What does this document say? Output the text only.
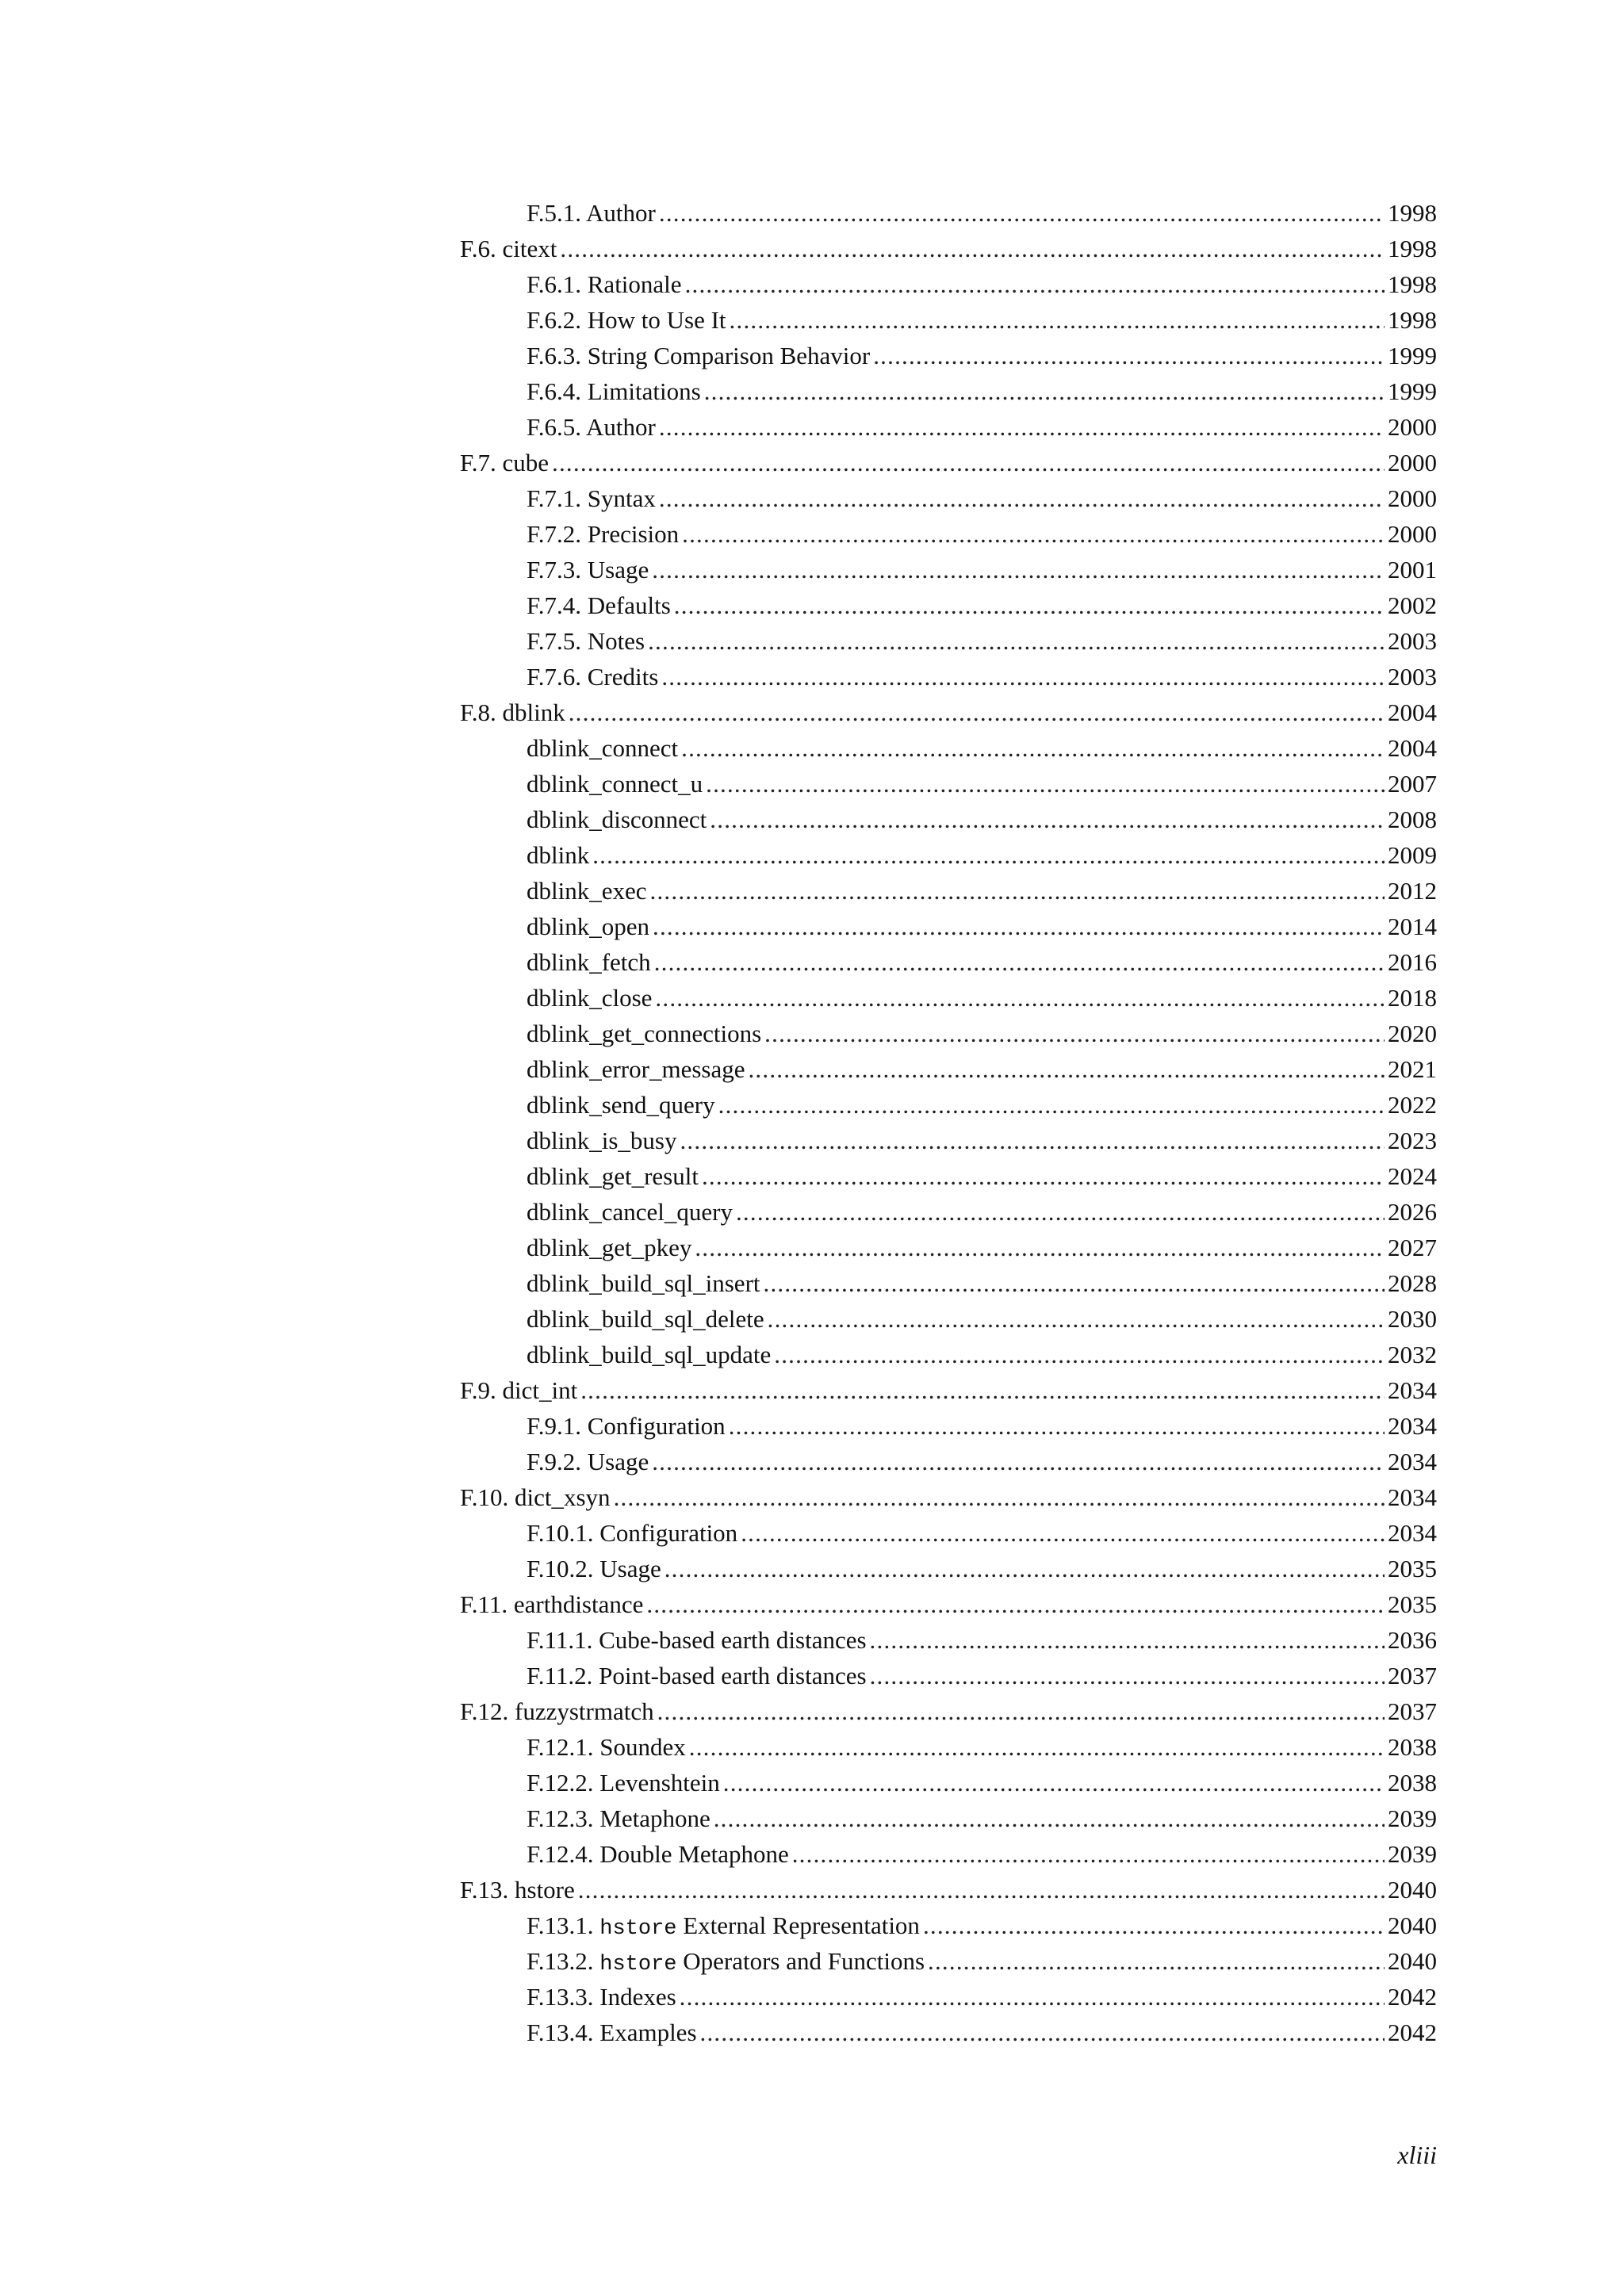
F.5.1. Author .....	1998
F.6. citext .....	1998
F.6.1. Rationale .....	1998
F.6.2. How to Use It .....	1998
F.6.3. String Comparison Behavior .....	1999
F.6.4. Limitations .....	1999
F.6.5. Author .....	2000
F.7. cube .....	2000
F.7.1. Syntax .....	2000
F.7.2. Precision .....	2000
F.7.3. Usage .....	2001
F.7.4. Defaults .....	2002
F.7.5. Notes .....	2003
F.7.6. Credits .....	2003
F.8. dblink .....	2004
dblink_connect .....	2004
dblink_connect_u .....	2007
dblink_disconnect .....	2008
dblink .....	2009
dblink_exec .....	2012
dblink_open .....	2014
dblink_fetch .....	2016
dblink_close .....	2018
dblink_get_connections .....	2020
dblink_error_message .....	2021
dblink_send_query .....	2022
dblink_is_busy .....	2023
dblink_get_result .....	2024
dblink_cancel_query .....	2026
dblink_get_pkey .....	2027
dblink_build_sql_insert .....	2028
dblink_build_sql_delete .....	2030
dblink_build_sql_update .....	2032
F.9. dict_int .....	2034
F.9.1. Configuration .....	2034
F.9.2. Usage .....	2034
F.10. dict_xsyn .....	2034
F.10.1. Configuration .....	2034
F.10.2. Usage .....	2035
F.11. earthdistance .....	2035
F.11.1. Cube-based earth distances .....	2036
F.11.2. Point-based earth distances .....	2037
F.12. fuzzystrmatch .....	2037
F.12.1. Soundex .....	2038
F.12.2. Levenshtein .....	2038
F.12.3. Metaphone .....	2039
F.12.4. Double Metaphone .....	2039
F.13. hstore .....	2040
F.13.1. hstore External Representation .....	2040
F.13.2. hstore Operators and Functions .....	2040
F.13.3. Indexes .....	2042
F.13.4. Examples .....	2042
xliii
